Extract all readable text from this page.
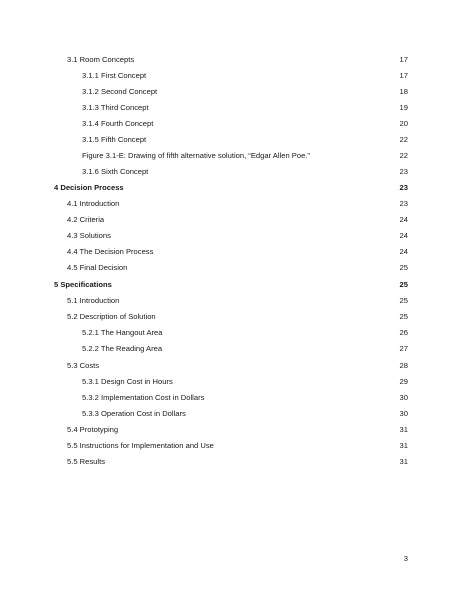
3.1 Room Concepts	17
3.1.1 First Concept	17
3.1.2 Second Concept	18
3.1.3 Third Concept	19
3.1.4 Fourth Concept	20
3.1.5 Fifth Concept	22
Figure 3.1-E: Drawing of fifth alternative solution, “Edgar Allen Poe.”	22
3.1.6 Sixth Concept	23
4 Decision Process	23
4.1 Introduction	23
4.2 Criteria	24
4.3 Solutions	24
4.4 The Decision Process	24
4.5 Final Decision	25
5 Specifications	25
5.1 Introduction	25
5.2 Description of Solution	25
5.2.1 The Hangout Area	26
5.2.2 The Reading Area	27
5.3 Costs	28
5.3.1 Design Cost in Hours	29
5.3.2 Implementation Cost in Dollars	30
5.3.3 Operation Cost in Dollars	30
5.4 Prototyping	31
5.5 Instructions for Implementation and Use	31
5.5 Results	31
3
